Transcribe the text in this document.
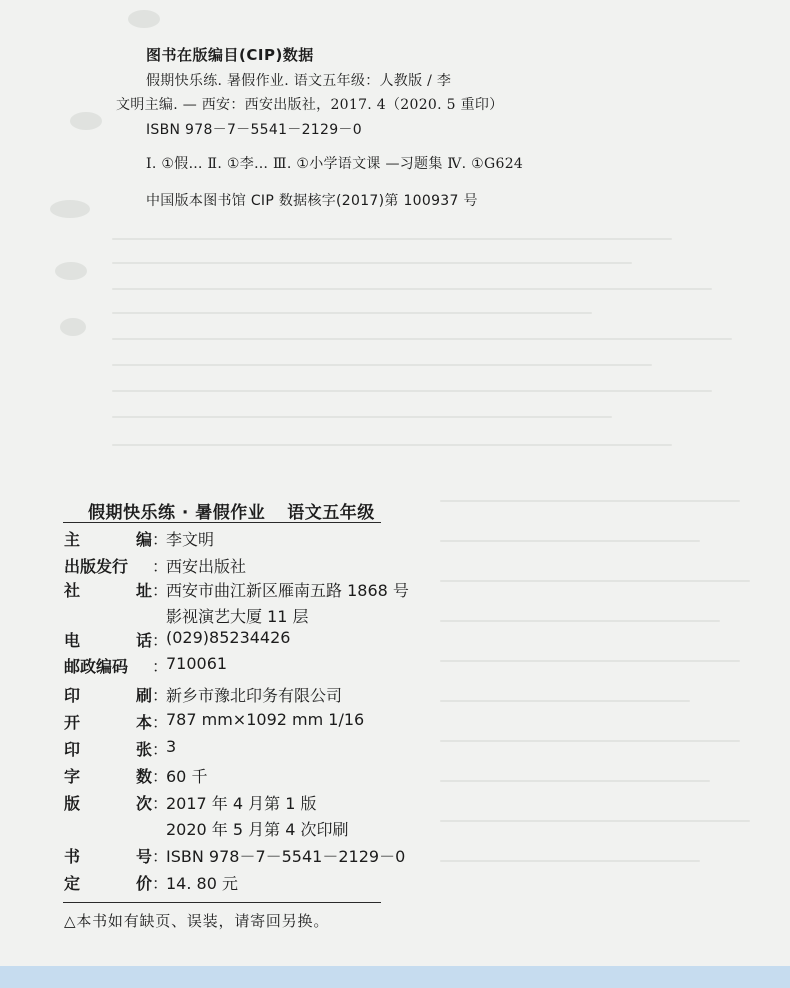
图书在版编目(CIP)数据
假期快乐练. 暑假作业. 语文五年级：人教版 / 李
文明主编. — 西安：西安出版社，2017. 4（2020. 5 重印）
ISBN 978－7－5541－2129－0
Ⅰ. ①假… Ⅱ. ①李… Ⅲ. ①小学语文课 —习题集 Ⅳ. ①G624
中国版本图书馆 CIP 数据核字(2017)第 100937 号
假期快乐练 · 暑假作业 语文五年级
主	编 ：
李文明
出版发行 ：
西安出版社
社	址 ：
西安市曲江新区雁南五路 1868 号
影视演艺大厦 11 层
电	话 ：
(029)85234426
邮政编码 ：
710061
印	刷 ：
新乡市豫北印务有限公司
开	本 ：
787 mm×1092 mm 1/16
印	张 ：
3
字	数 ：
60 千
版	次 ：
2017 年 4 月第 1 版
2020 年 5 月第 4 次印刷
书	号 ：
ISBN 978－7－5541－2129－0
定	价 ：
14. 80 元
△本书如有缺页、误装，请寄回另换。
